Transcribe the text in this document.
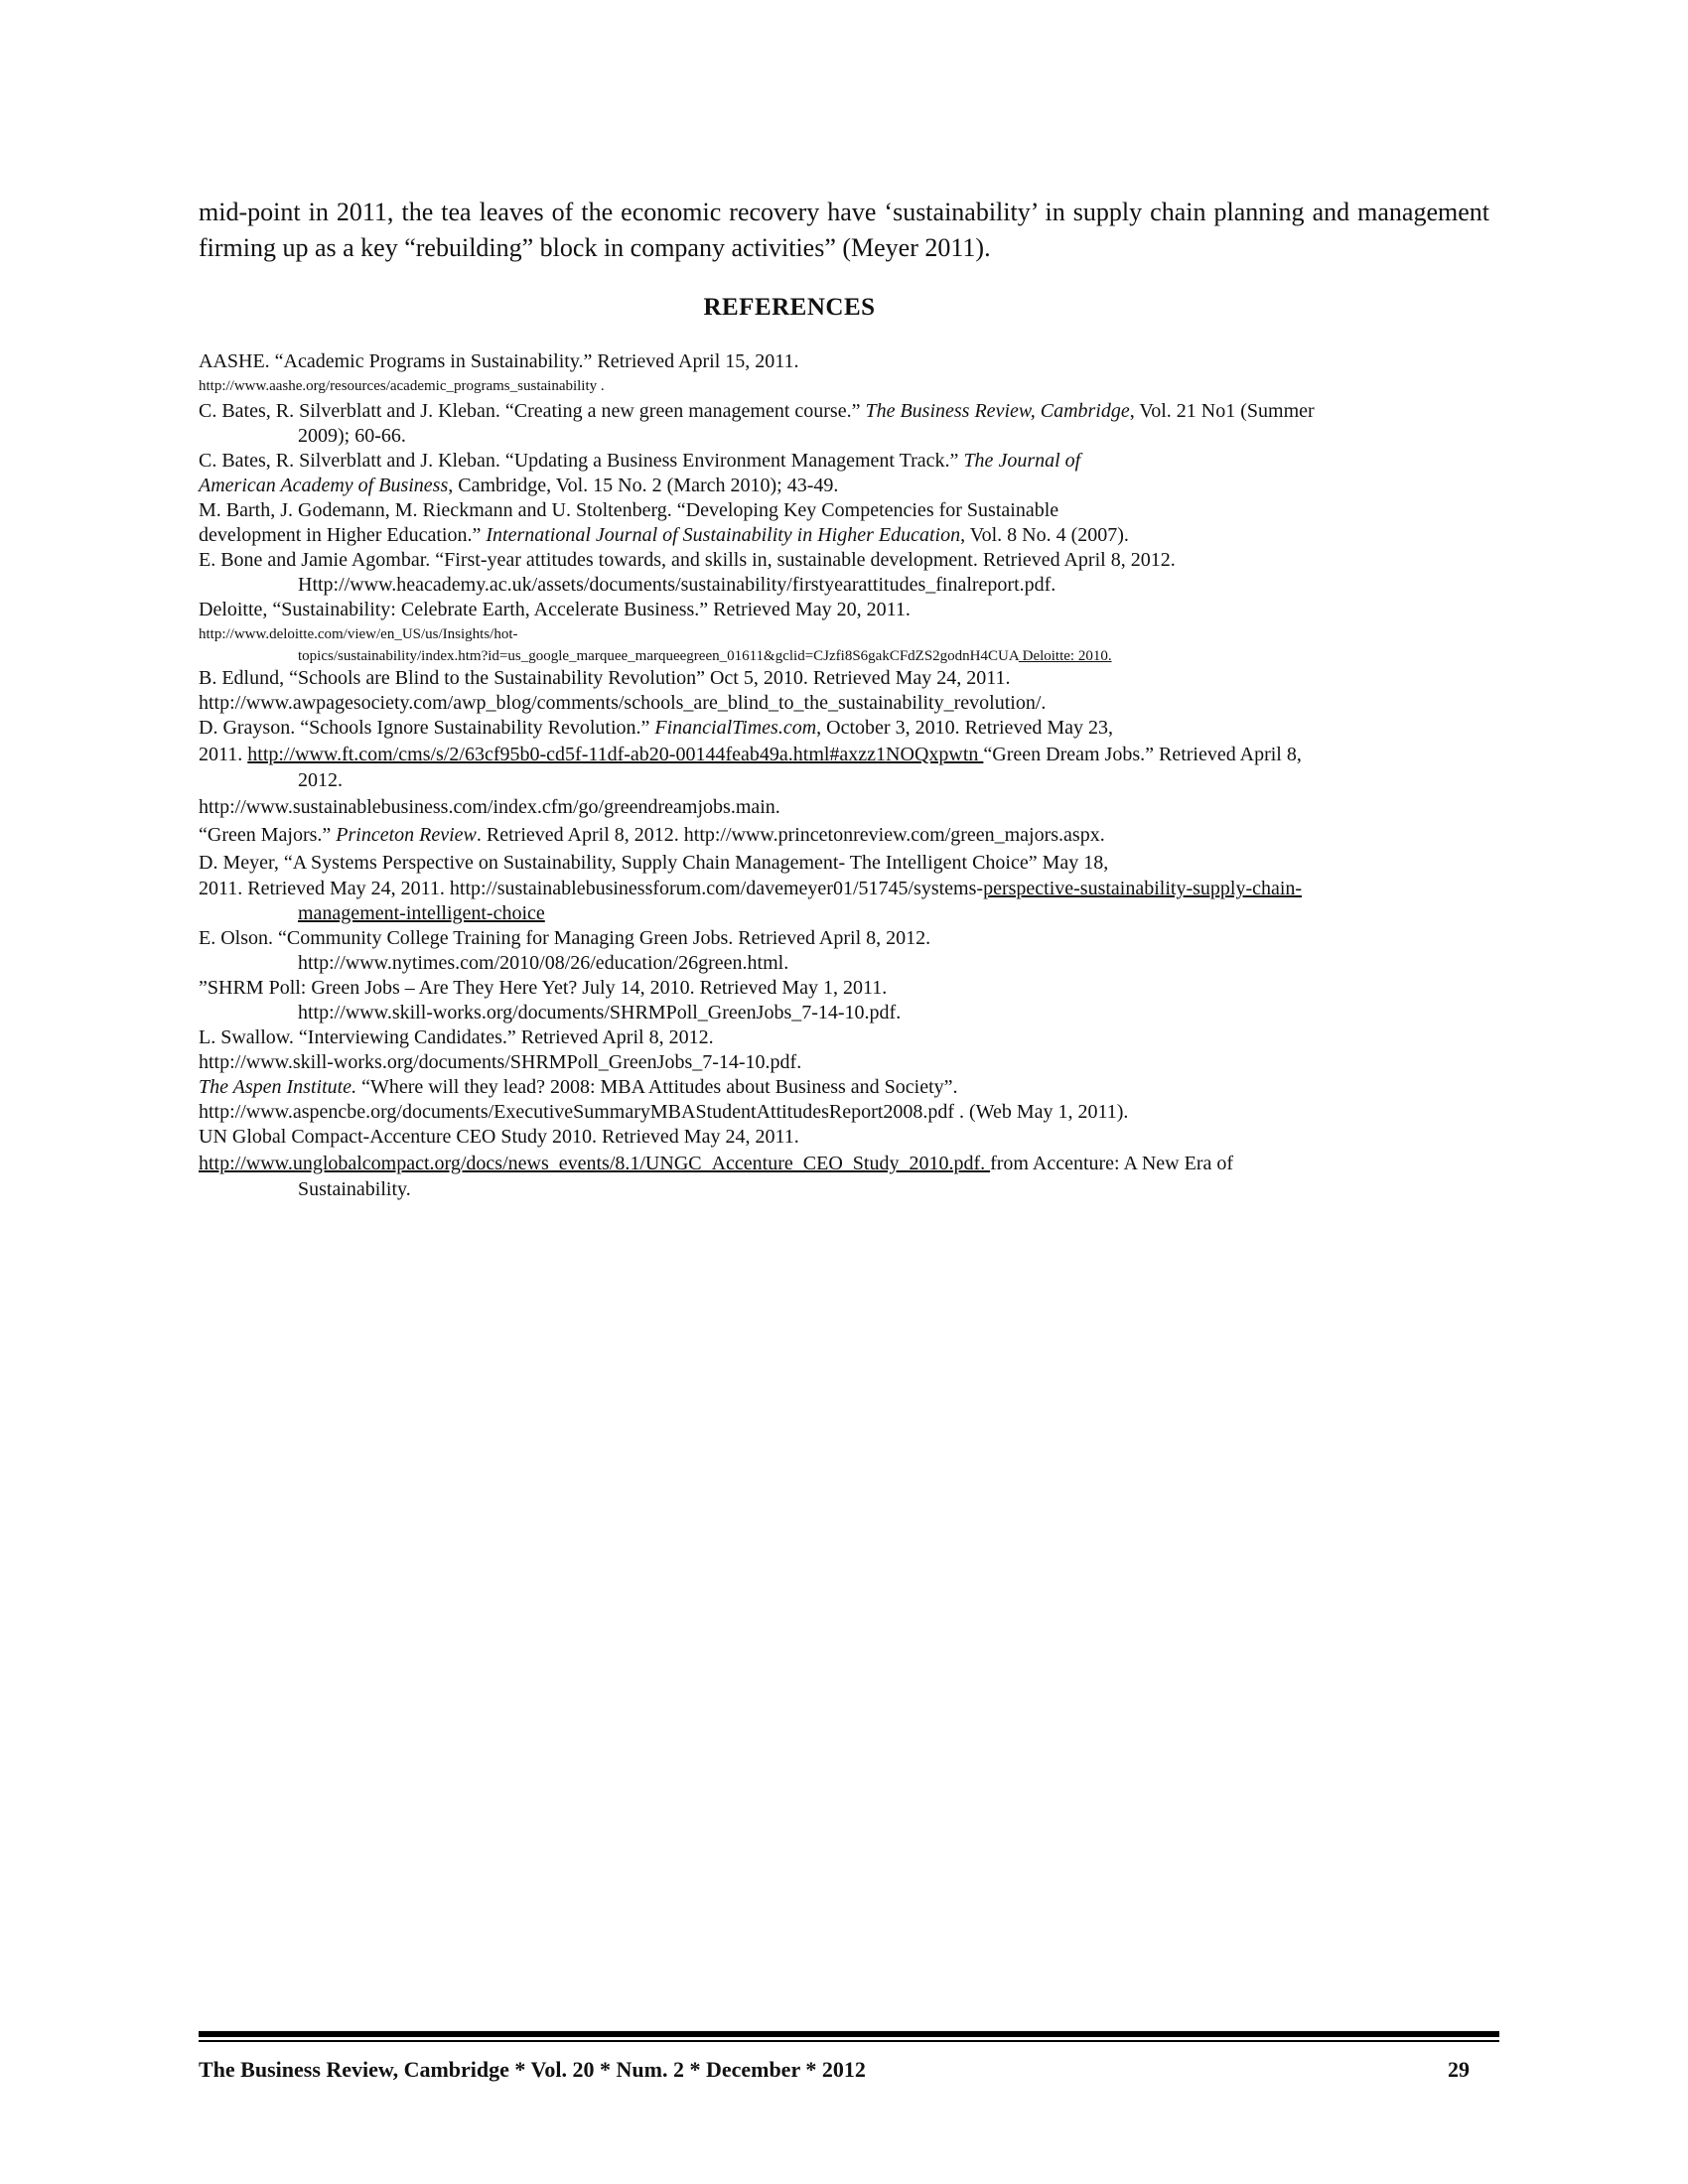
mid-point in 2011, the tea leaves of the economic recovery have ‘sustainability’ in supply chain planning and management firming up as a key “rebuilding” block in company activities” (Meyer 2011).

REFERENCES
AASHE. “Academic Programs in Sustainability.” Retrieved April 15, 2011.
http://www.aashe.org/resources/academic_programs_sustainability .
C. Bates, R. Silverblatt and J. Kleban. “Creating a new green management course.” The Business Review, Cambridge, Vol. 21 No1 (Summer
2009); 60-66.
C. Bates, R. Silverblatt and J. Kleban. “Updating a Business Environment Management Track.” The Journal of
American Academy of Business, Cambridge, Vol. 15 No. 2 (March 2010); 43-49.
M. Barth, J. Godemann, M. Rieckmann and U. Stoltenberg. “Developing Key Competencies for Sustainable
development in Higher Education.” International Journal of Sustainability in Higher Education, Vol. 8 No. 4 (2007).
E. Bone and Jamie Agombar. “First-year attitudes towards, and skills in, sustainable development. Retrieved April 8, 2012.
Http://www.heacademy.ac.uk/assets/documents/sustainability/firstyearattitudes_finalreport.pdf.
Deloitte, “Sustainability: Celebrate Earth, Accelerate Business.” Retrieved May 20, 2011.
http://www.deloitte.com/view/en_US/us/Insights/hot-
topics/sustainability/index.htm?id=us_google_marquee_marqueegreen_01611&gclid=CJzfi8S6gakCFdZS2godnH4CUA Deloitte: 2010.
B. Edlund, “Schools are Blind to the Sustainability Revolution” Oct 5, 2010. Retrieved May 24, 2011.
http://www.awpagesociety.com/awp_blog/comments/schools_are_blind_to_the_sustainability_revolution/.
D. Grayson. “Schools Ignore Sustainability Revolution.” FinancialTimes.com, October 3, 2010. Retrieved May 23,
2011. http://www.ft.com/cms/s/2/63cf95b0-cd5f-11df-ab20-00144feab49a.html#axzz1NOQxpwtn “Green Dream Jobs.” Retrieved April 8,
2012.
http://www.sustainablebusiness.com/index.cfm/go/greendreamjobs.main.
“Green Majors.” Princeton Review. Retrieved April 8, 2012. http://www.princetonreview.com/green_majors.aspx.
D. Meyer, “A Systems Perspective on Sustainability, Supply Chain Management- The Intelligent Choice” May 18,
2011. Retrieved May 24, 2011. http://sustainablebusinessforum.com/davemeyer01/51745/systems-perspective-sustainability-supply-chain-
management-intelligent-choice
E. Olson. “Community College Training for Managing Green Jobs. Retrieved April 8, 2012.
http://www.nytimes.com/2010/08/26/education/26green.html.
”SHRM Poll: Green Jobs – Are They Here Yet? July 14, 2010. Retrieved May 1, 2011.
http://www.skill-works.org/documents/SHRMPoll_GreenJobs_7-14-10.pdf.
L. Swallow. “Interviewing Candidates.” Retrieved April 8, 2012.
http://www.skill-works.org/documents/SHRMPoll_GreenJobs_7-14-10.pdf.
The Aspen Institute. “Where will they lead? 2008: MBA Attitudes about Business and Society”.
http://www.aspencbe.org/documents/ExecutiveSummaryMBAStudentAttitudesReport2008.pdf . (Web May 1, 2011).
UN Global Compact-Accenture CEO Study 2010. Retrieved May 24, 2011.
http://www.unglobalcompact.org/docs/news_events/8.1/UNGC_Accenture_CEO_Study_2010.pdf. from Accenture: A New Era of
Sustainability.
The Business Review, Cambridge * Vol. 20 * Num. 2 * December * 2012	29
